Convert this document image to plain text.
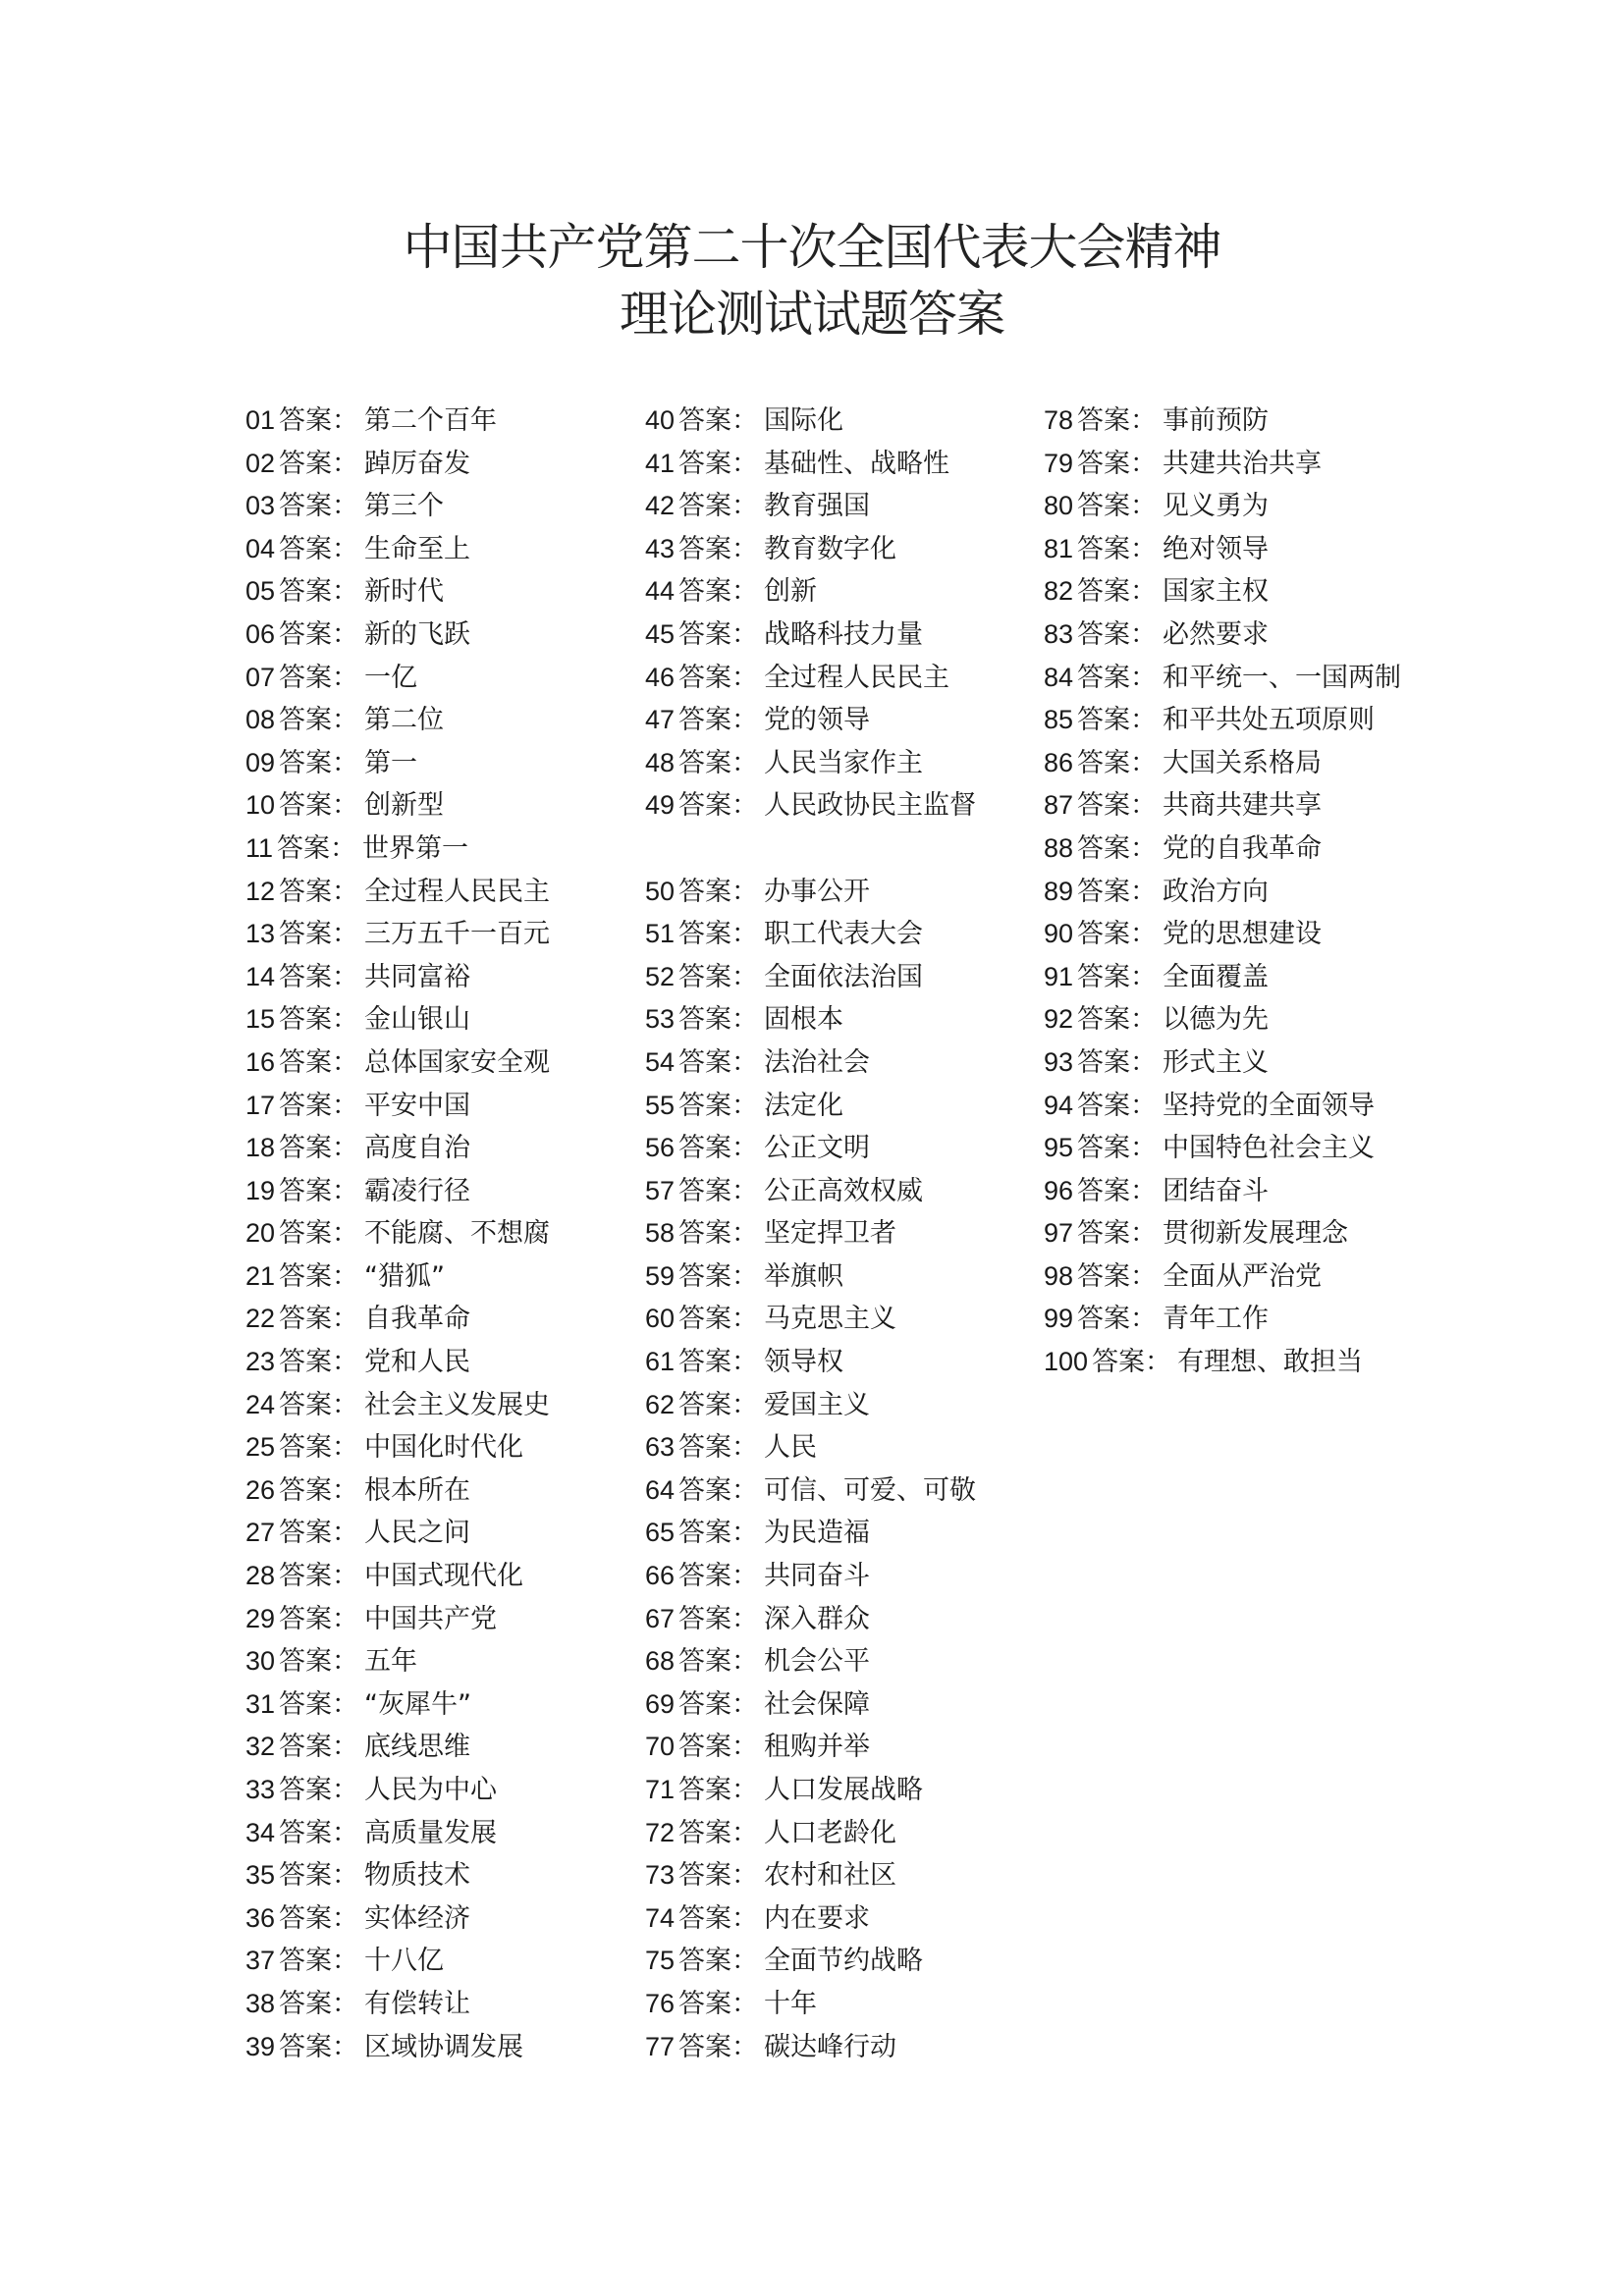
中国共产党第二十次全国代表大会精神
理论测试试题答案
01 答案： 第二个百年
02 答案： 踔厉奋发
03 答案： 第三个
04 答案： 生命至上
05 答案： 新时代
06 答案： 新的飞跃
07 答案： 一亿
08 答案： 第二位
09 答案： 第一
10 答案： 创新型
11 答案： 世界第一
12 答案： 全过程人民民主
13 答案： 三万五千一百元
14 答案： 共同富裕
15 答案： 金山银山
16 答案： 总体国家安全观
17 答案： 平安中国
18 答案： 高度自治
19 答案： 霸凌行径
20 答案： 不能腐、不想腐
21 答案： “猎狐”
22 答案： 自我革命
23 答案： 党和人民
24 答案： 社会主义发展史
25 答案： 中国化时代化
26 答案： 根本所在
27 答案： 人民之问
28 答案： 中国式现代化
29 答案： 中国共产党
30 答案： 五年
31 答案： “灰犀牛”
32 答案： 底线思维
33 答案： 人民为中心
34 答案： 高质量发展
35 答案： 物质技术
36 答案： 实体经济
37 答案： 十八亿
38 答案： 有偿转让
39 答案： 区域协调发展
40 答案： 国际化
41 答案： 基础性、战略性
42 答案： 教育强国
43 答案： 教育数字化
44 答案： 创新
45 答案： 战略科技力量
46 答案： 全过程人民民主
47 答案： 党的领导
48 答案： 人民当家作主
49 答案： 人民政协民主监督
50 答案： 办事公开
51 答案： 职工代表大会
52 答案： 全面依法治国
53 答案： 固根本
54 答案： 法治社会
55 答案： 法定化
56 答案： 公正文明
57 答案： 公正高效权威
58 答案： 坚定捍卫者
59 答案： 举旗帜
60 答案： 马克思主义
61 答案： 领导权
62 答案： 爱国主义
63 答案： 人民
64 答案： 可信、可爱、可敬
65 答案： 为民造福
66 答案： 共同奋斗
67 答案： 深入群众
68 答案： 机会公平
69 答案： 社会保障
70 答案： 租购并举
71 答案： 人口发展战略
72 答案： 人口老龄化
73 答案： 农村和社区
74 答案： 内在要求
75 答案： 全面节约战略
76 答案： 十年
77 答案： 碳达峰行动
78 答案： 事前预防
79 答案： 共建共治共享
80 答案： 见义勇为
81 答案： 绝对领导
82 答案： 国家主权
83 答案： 必然要求
84 答案： 和平统一、一国两制
85 答案： 和平共处五项原则
86 答案： 大国关系格局
87 答案： 共商共建共享
88 答案： 党的自我革命
89 答案： 政治方向
90 答案： 党的思想建设
91 答案： 全面覆盖
92 答案： 以德为先
93 答案： 形式主义
94 答案： 坚持党的全面领导
95 答案： 中国特色社会主义
96 答案： 团结奋斗
97 答案： 贯彻新发展理念
98 答案： 全面从严治党
99 答案： 青年工作
100 答案： 有理想、敢担当
